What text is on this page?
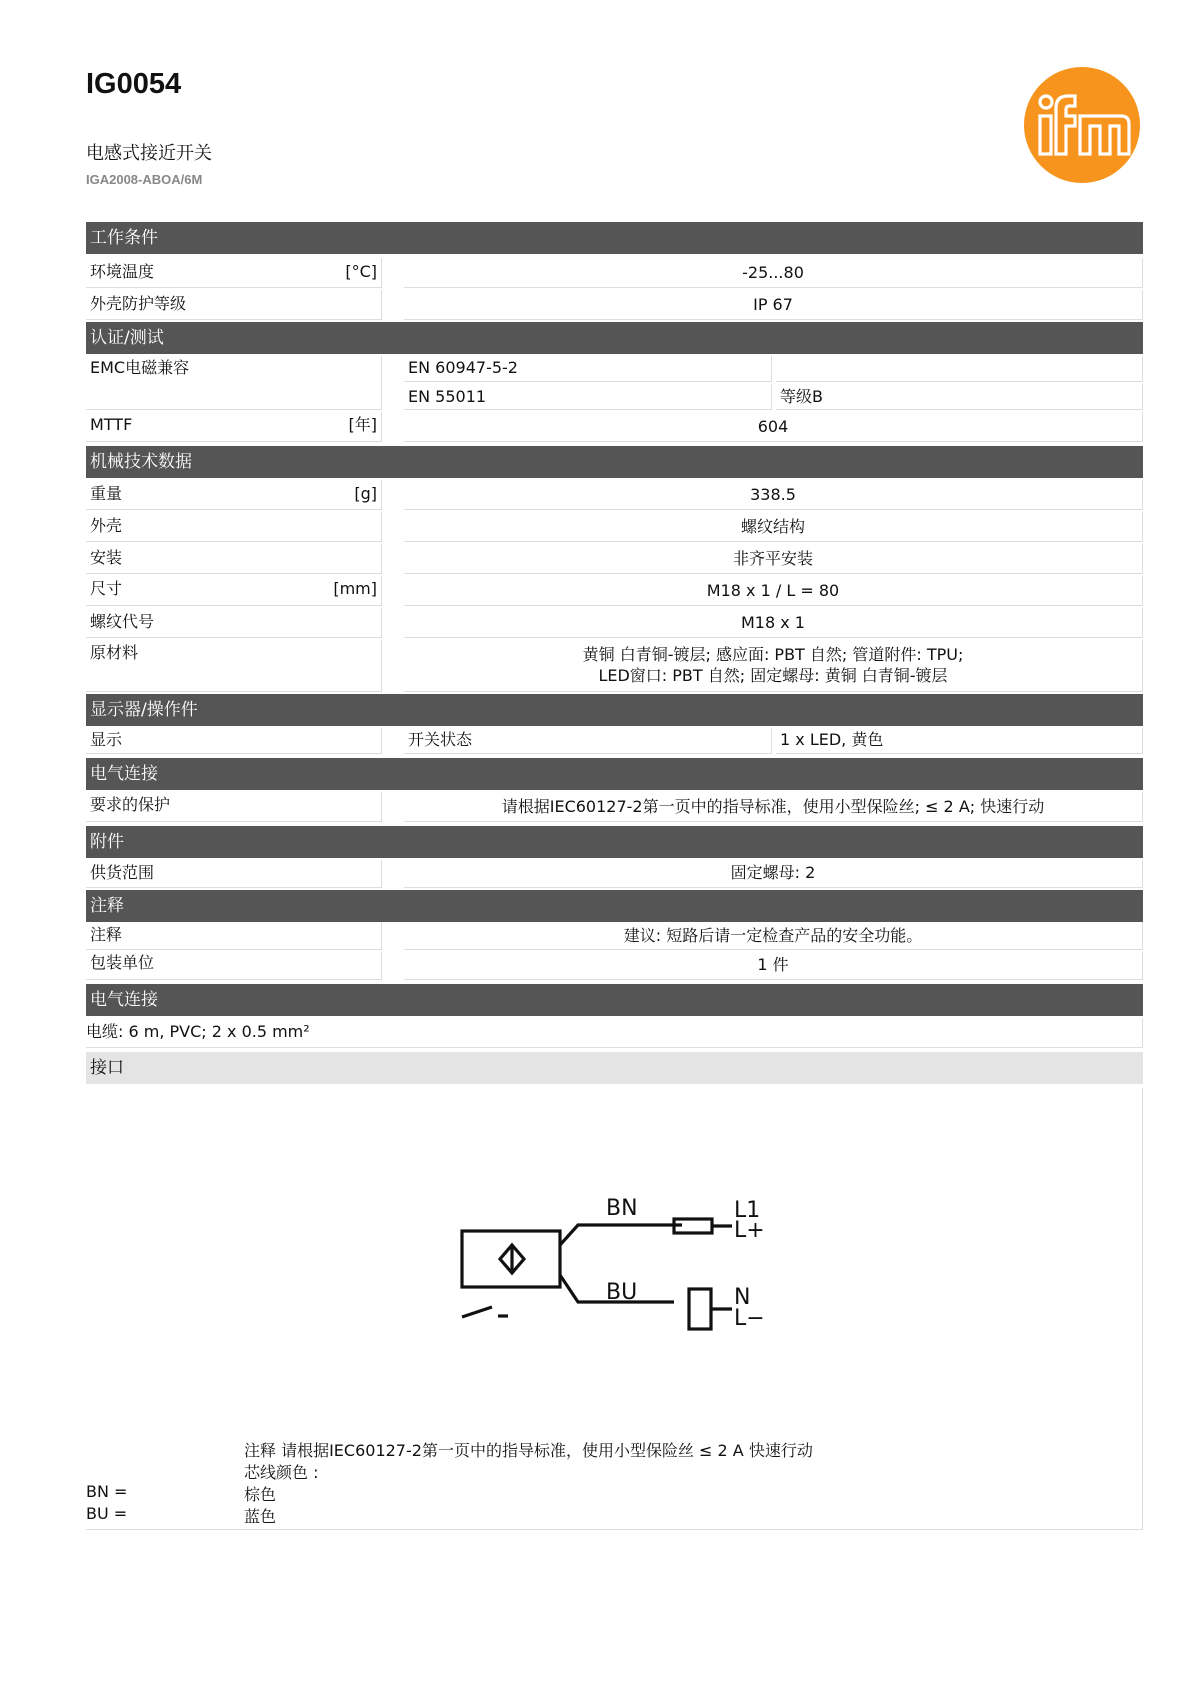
IG0054
电感式接近开关
IGA2008-ABOA/6M
工作条件
环境温度	[°C]	-25...80
外壳防护等级	IP 67
认证/测试
EMC电磁兼容	EN 60947-5-2
EN 55011	等级B
MTTF	[年]	604
机械技术数据
重量	[g]	338.5
外壳	螺纹结构
安装	非齐平安装
尺寸	[mm]	M18 x 1 / L = 80
螺纹代号	M18 x 1
原材料	黄铜 白青铜-镀层; 感应面: PBT 自然; 管道附件: TPU;
LED窗口: PBT 自然; 固定螺母: 黄铜 白青铜-镀层
显示器/操作件
显示	开关状态	1 x LED, 黄色
电气连接
要求的保护	请根据IEC60127-2第一页中的指导标准，使用小型保险丝; ≤ 2 A; 快速行动
附件
供货范围	固定螺母: 2
注释
注释	建议: 短路后请一定检查产品的安全功能。
包装单位	1 件
电气连接
电缆: 6 m, PVC; 2 x 0.5 mm²
接口
BN
BU
L1
L+
N
L−
注释 请根据IEC60127-2第一页中的指导标准，使用小型保险丝 ≤ 2 A 快速行动
芯线颜色 :
BN =	棕色
BU =	蓝色
